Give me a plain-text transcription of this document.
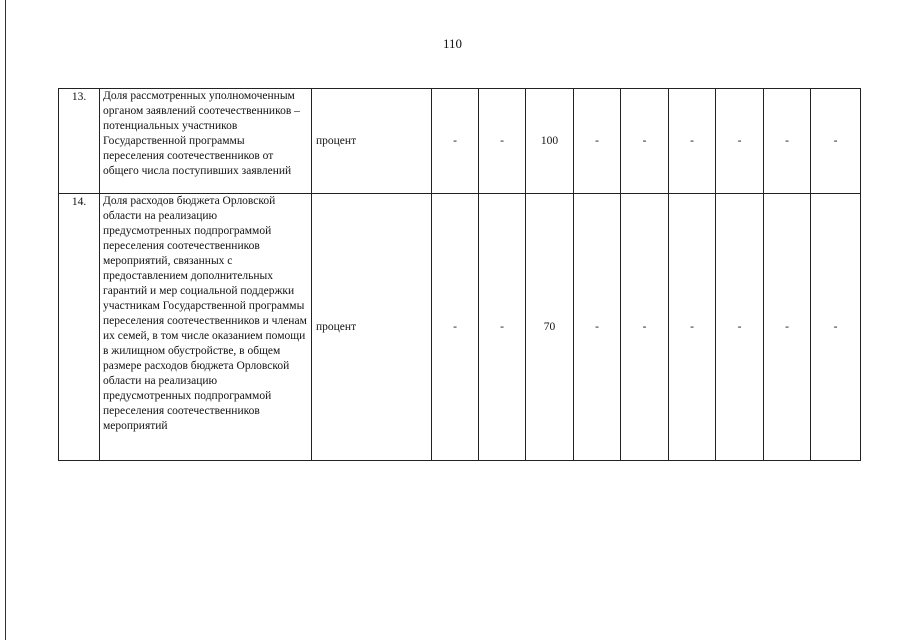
110
13.	Доля рассмотренных уполномоченным органом заявлений соотечественников – потенциальных участников Государственной программы переселения соотечественников от общего числа поступивших заявлений	процент	-	-	100	-	-	-	-	-	-
14.	Доля расходов бюджета Орловской области на реализацию предусмотренных подпрограммой переселения соотечественников мероприятий, связанных с предоставлением дополнительных гарантий и мер социальной поддержки участникам Государственной программы переселения соотечественников и членам их семей, в том числе оказанием помощи в жилищном обустройстве, в общем размере расходов бюджета Орловской области на реализацию предусмотренных подпрограммой переселения соотечественников мероприятий	процент	-	-	70	-	-	-	-	-	-
